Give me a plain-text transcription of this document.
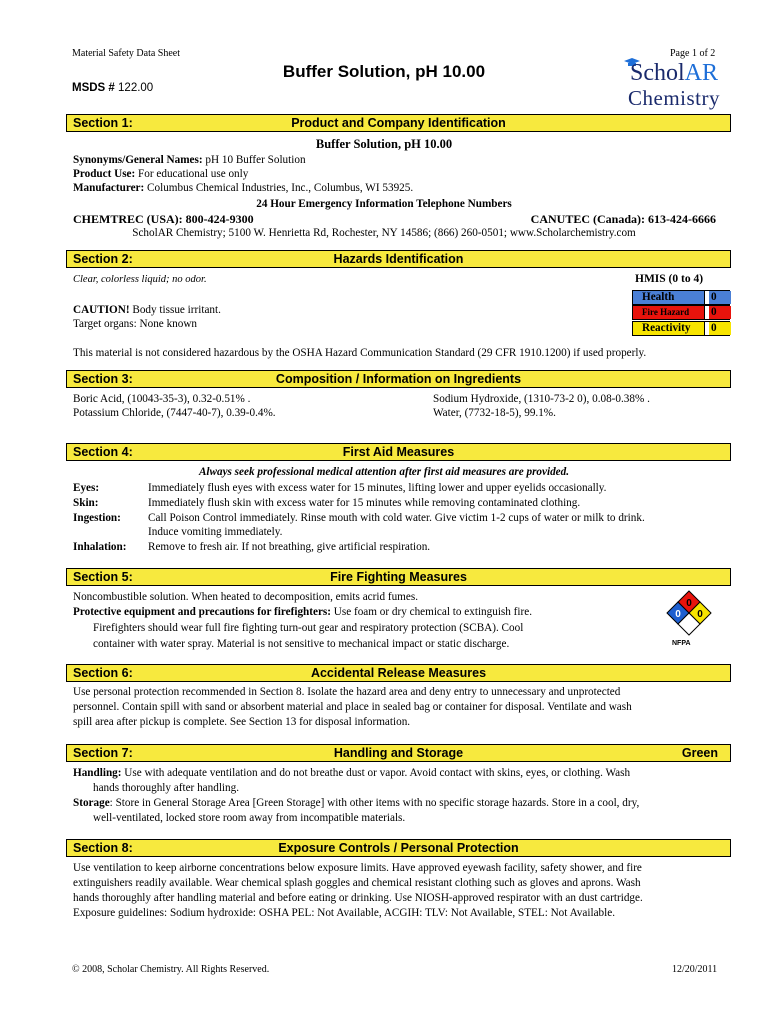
Material Safety Data Sheet	Page 1 of 2
Buffer Solution, pH 10.00
MSDS # 122.00
ScholAR
Chemistry
Section 1:	Product and Company Identification
Buffer Solution, pH 10.00
Synonyms/General Names: pH 10 Buffer Solution
Product Use: For educational use only
Manufacturer: Columbus Chemical Industries, Inc., Columbus, WI 53925.
24 Hour Emergency Information Telephone Numbers
CHEMTREC (USA): 800-424-9300	CANUTEC (Canada): 613-424-6666
ScholAR Chemistry; 5100 W. Henrietta Rd, Rochester, NY 14586; (866) 260-0501; www.Scholarchemistry.com
Section 2:	Hazards Identification
Clear, colorless liquid; no odor.
CAUTION! Body tissue irritant.
Target organs: None known
HMIS (0 to 4)
Health	0
Fire Hazard	0
Reactivity	0
This material is not considered hazardous by the OSHA Hazard Communication Standard (29 CFR 1910.1200) if used properly.
Section 3:	Composition / Information on Ingredients
Boric Acid, (10043-35-3), 0.32-0.51% .
Potassium Chloride, (7447-40-7), 0.39-0.4%.
Sodium Hydroxide, (1310-73-2 0), 0.08-0.38% .
Water, (7732-18-5), 99.1%.
Section 4:	First Aid Measures
Always seek professional medical attention after first aid measures are provided.
Eyes:	Immediately flush eyes with excess water for 15 minutes, lifting lower and upper eyelids occasionally.
Skin:	Immediately flush skin with excess water for 15 minutes while removing contaminated clothing.
Ingestion: Call Poison Control immediately. Rinse mouth with cold water. Give victim 1-2 cups of water or milk to drink.
Induce vomiting immediately.
Inhalation: Remove to fresh air. If not breathing, give artificial respiration.
Section 5:	Fire Fighting Measures
Noncombustible solution. When heated to decomposition, emits acrid fumes.
Protective equipment and precautions for firefighters: Use foam or dry chemical to extinguish fire.
Firefighters should wear full fire fighting turn-out gear and respiratory protection (SCBA). Cool
container with water spray. Material is not sensitive to mechanical impact or static discharge.
0
0 0
NFPA
Section 6:	Accidental Release Measures
Use personal protection recommended in Section 8. Isolate the hazard area and deny entry to unnecessary and unprotected
personnel. Contain spill with sand or absorbent material and place in sealed bag or container for disposal. Ventilate and wash
spill area after pickup is complete. See Section 13 for disposal information.
Section 7:	Handling and Storage	Green
Handling: Use with adequate ventilation and do not breathe dust or vapor. Avoid contact with skins, eyes, or clothing. Wash
hands thoroughly after handling.
Storage: Store in General Storage Area [Green Storage] with other items with no specific storage hazards. Store in a cool, dry,
well-ventilated, locked store room away from incompatible materials.
Section 8:	Exposure Controls / Personal Protection
Use ventilation to keep airborne concentrations below exposure limits. Have approved eyewash facility, safety shower, and fire
extinguishers readily available. Wear chemical splash goggles and chemical resistant clothing such as gloves and aprons. Wash
hands thoroughly after handling material and before eating or drinking. Use NIOSH-approved respirator with an dust cartridge.
Exposure guidelines: Sodium hydroxide: OSHA PEL: Not Available, ACGIH: TLV: Not Available, STEL: Not Available.
© 2008, Scholar Chemistry. All Rights Reserved.	12/20/2011
